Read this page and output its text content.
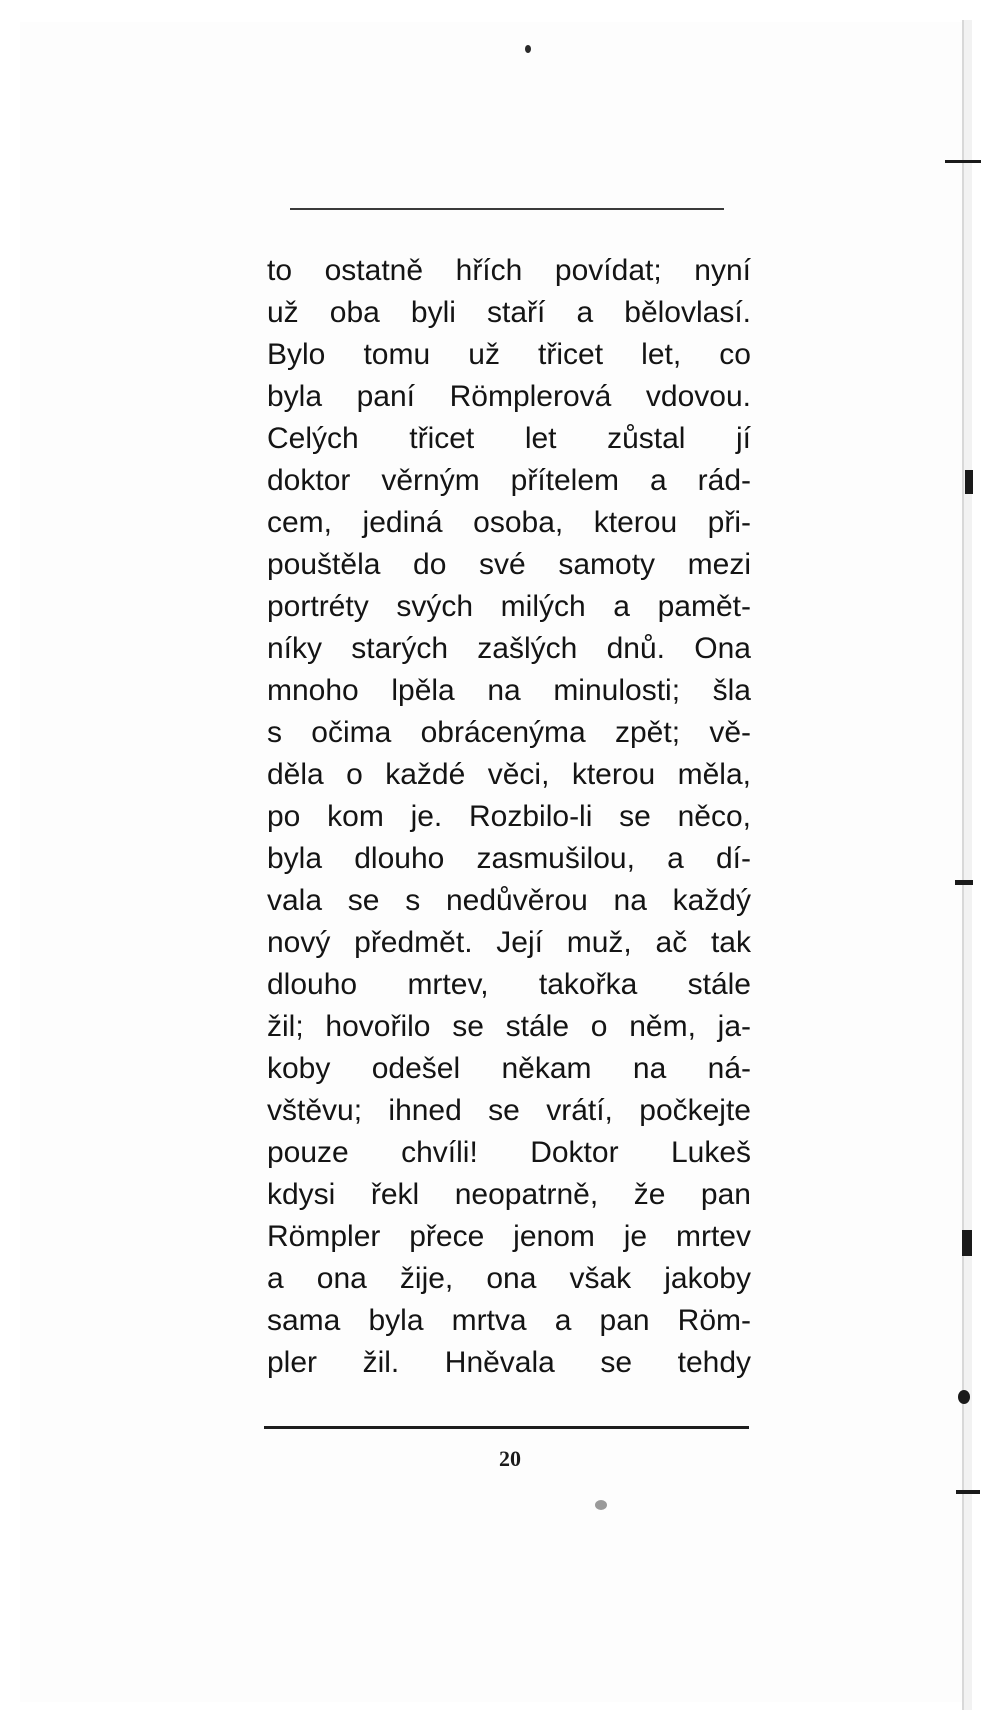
to ostatně hřích povídat; nyní
už oba byli staří a bělovlasí.
Bylo tomu už třicet let, co
byla paní Römplerová vdovou.
Celých třicet let zůstal jí
doktor věrným přítelem a rád-
cem, jediná osoba, kterou při-
pouštěla do své samoty mezi
portréty svých milých a pamět-
níky starých zašlých dnů. Ona
mnoho lpěla na minulosti; šla
s očima obrácenýma zpět; vě-
děla o každé věci, kterou měla,
po kom je. Rozbilo-li se něco,
byla dlouho zasmušilou, a dí-
vala se s nedůvěrou na každý
nový předmět. Její muž, ač tak
dlouho mrtev, takořka stále
žil; hovořilo se stále o něm, ja-
koby odešel někam na ná-
vštěvu; ihned se vrátí, počkejte
pouze chvíli! Doktor Lukeš
kdysi řekl neopatrně, že pan
Römpler přece jenom je mrtev
a ona žije, ona však jakoby
sama byla mrtva a pan Röm-
pler žil. Hněvala se tehdy
20
